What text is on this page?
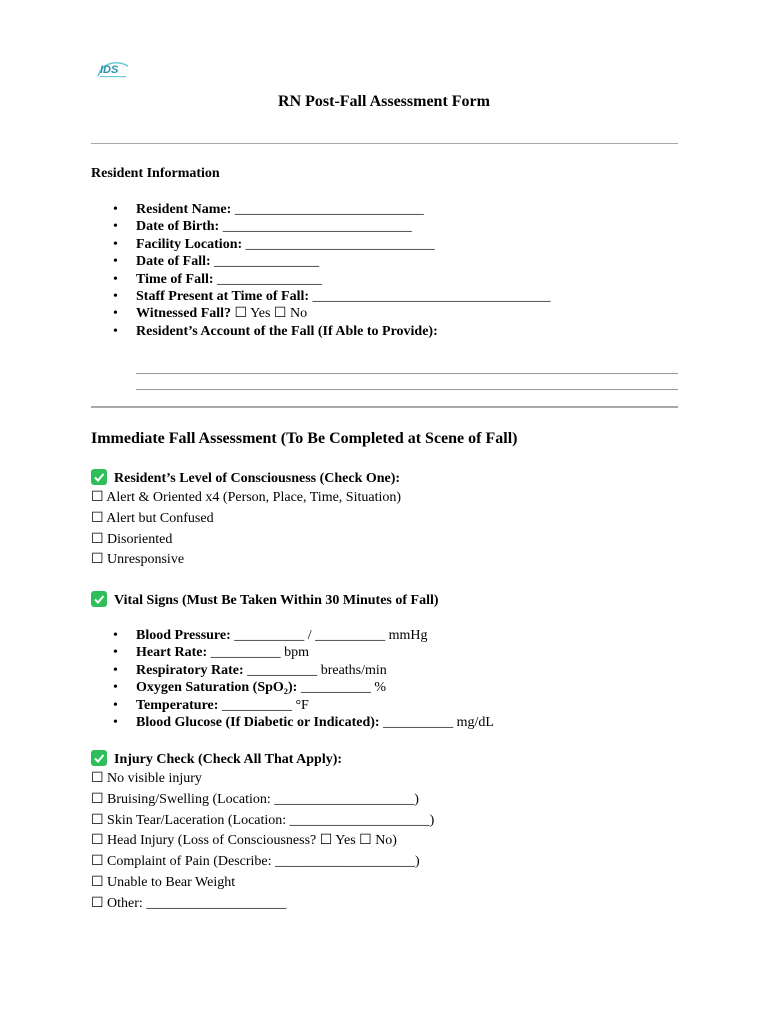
IDS
RN Post-Fall Assessment Form
Resident Information
• Resident Name: ___________________________
• Date of Birth: ___________________________
• Facility Location: ___________________________
• Date of Fall: _______________
• Time of Fall: _______________
• Staff Present at Time of Fall: __________________________________
• Witnessed Fall? ☐ Yes ☐ No
• Resident’s Account of the Fall (If Able to Provide):
Immediate Fall Assessment (To Be Completed at Scene of Fall)
Resident’s Level of Consciousness (Check One):
☐ Alert & Oriented x4 (Person, Place, Time, Situation)
☐ Alert but Confused
☐ Disoriented
☐ Unresponsive
Vital Signs (Must Be Taken Within 30 Minutes of Fall)
• Blood Pressure: __________ / __________ mmHg
• Heart Rate: __________ bpm
• Respiratory Rate: __________ breaths/min
• Oxygen Saturation (SpO₂): __________ %
• Temperature: __________ °F
• Blood Glucose (If Diabetic or Indicated): __________ mg/dL
Injury Check (Check All That Apply):
☐ No visible injury
☐ Bruising/Swelling (Location: ____________________)
☐ Skin Tear/Laceration (Location: ____________________)
☐ Head Injury (Loss of Consciousness? ☐ Yes ☐ No)
☐ Complaint of Pain (Describe: ____________________)
☐ Unable to Bear Weight
☐ Other: ____________________
